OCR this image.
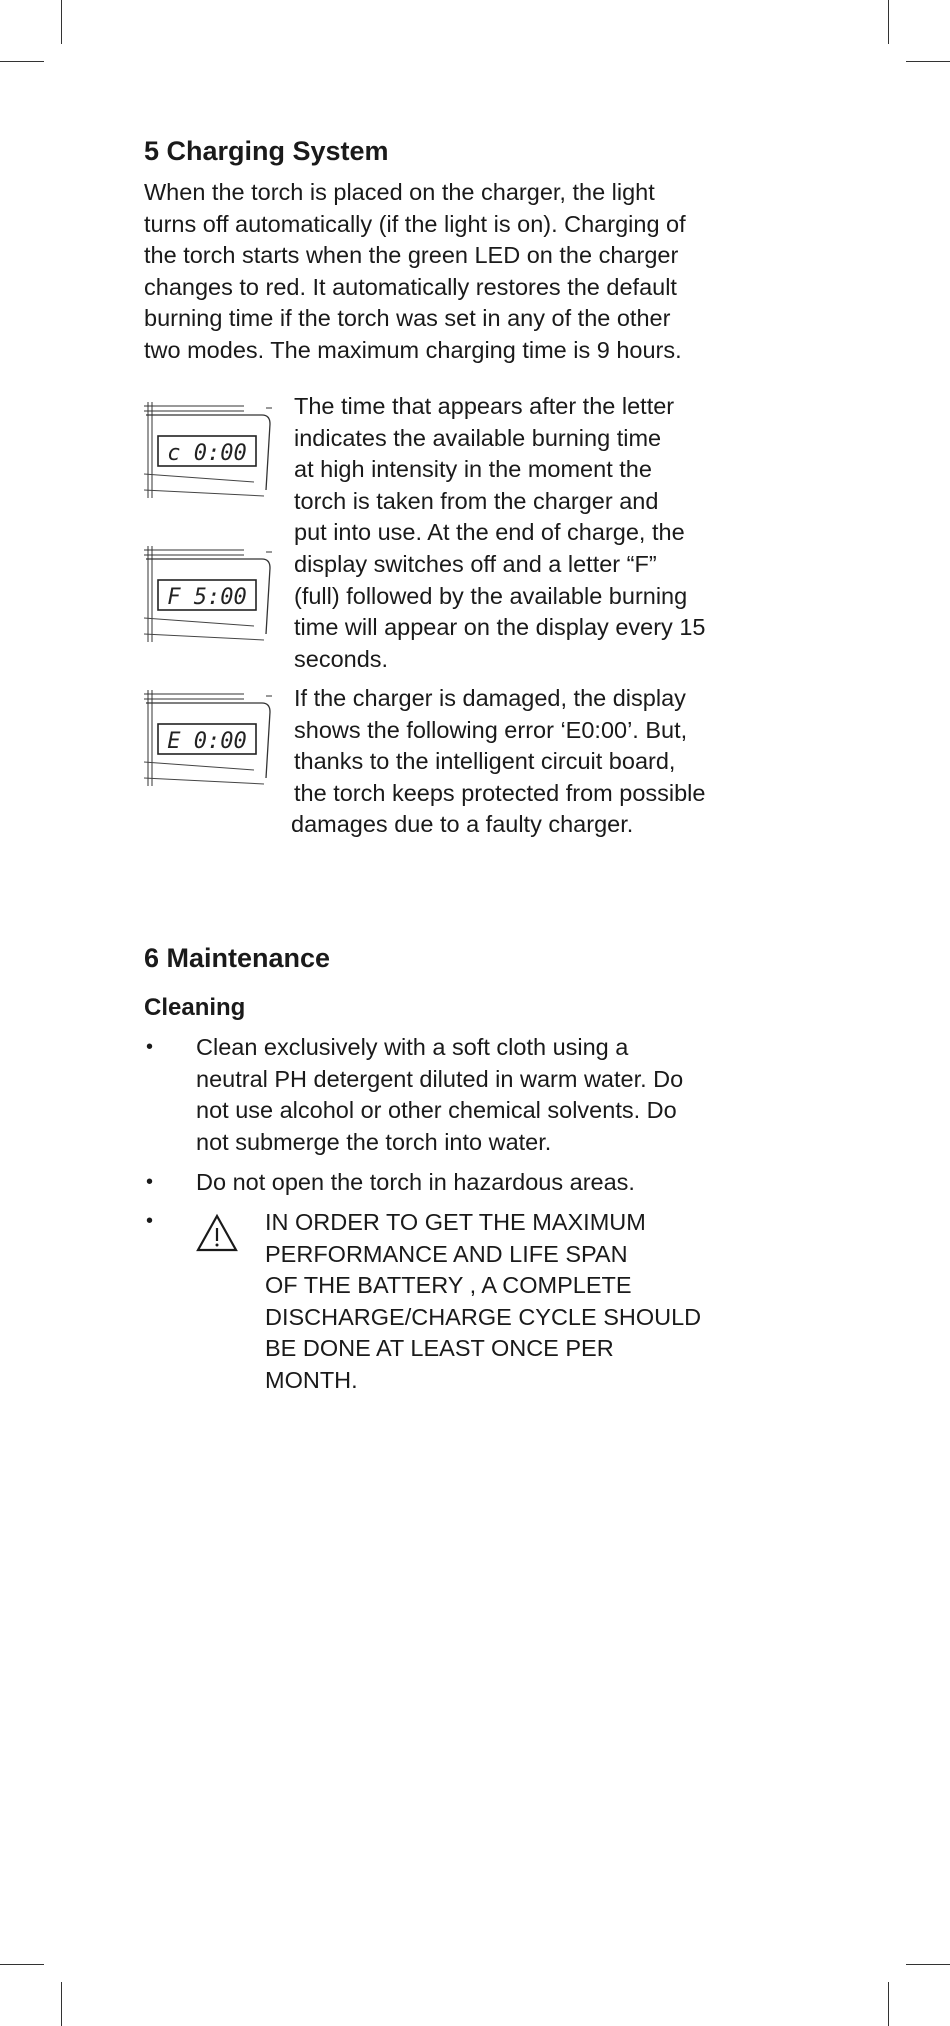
5 Charging System
When the torch is placed on the charger, the light
turns off automatically (if the light is on). Charging of
the torch starts when the green LED on the charger
changes to red. It automatically restores the default
burning time if the torch was set in any of the other
two modes. The maximum charging time is 9 hours.
c 0:00
F 5:00
E 0:00
The time that appears after the letter
indicates the available burning time
at high intensity in the moment the
torch is taken from the charger and
put into use. At the end of charge, the
display switches off and a letter “F”
(full) followed by the available burning
time will appear on the display every 15
seconds.
If the charger is damaged, the display
shows the following error ‘E0:00’. But,
thanks to the intelligent circuit board,
the torch keeps protected from possible
damages due to a faulty charger.
6 Maintenance
Cleaning
• Clean exclusively with a soft cloth using a
neutral PH detergent diluted in warm water. Do
not use alcohol or other chemical solvents. Do
not submerge the torch into water.
• Do not open the torch in hazardous areas.
•	IN ORDER TO GET THE MAXIMUM
PERFORMANCE AND LIFE SPAN
OF THE BATTERY , A COMPLETE
DISCHARGE/CHARGE CYCLE SHOULD
BE DONE AT LEAST ONCE PER
MONTH.
